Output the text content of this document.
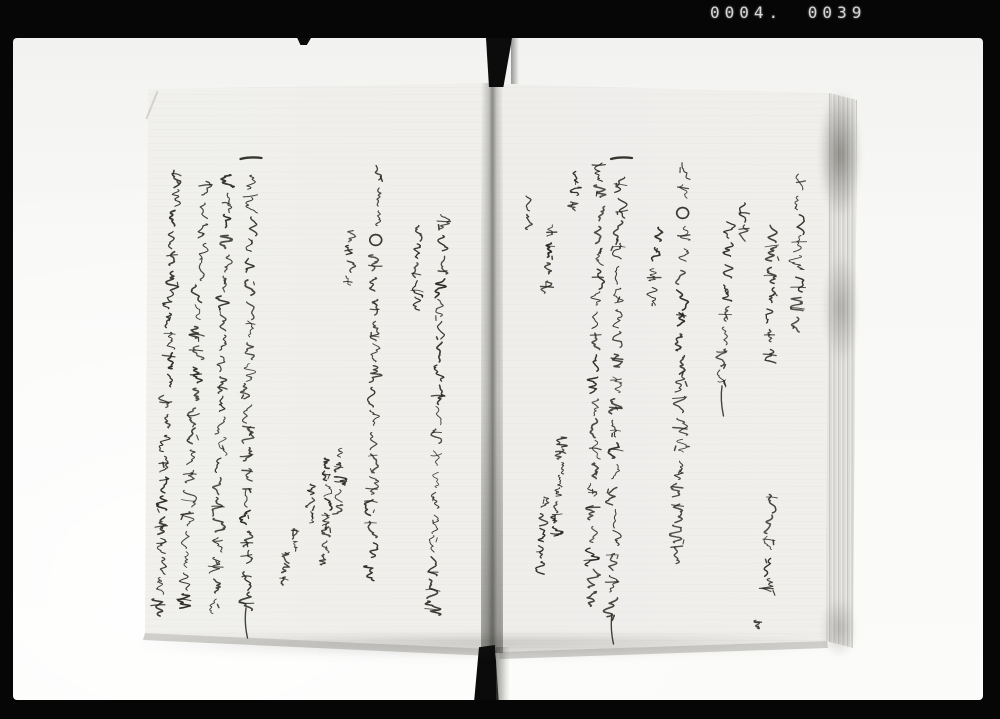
0004. 0039
